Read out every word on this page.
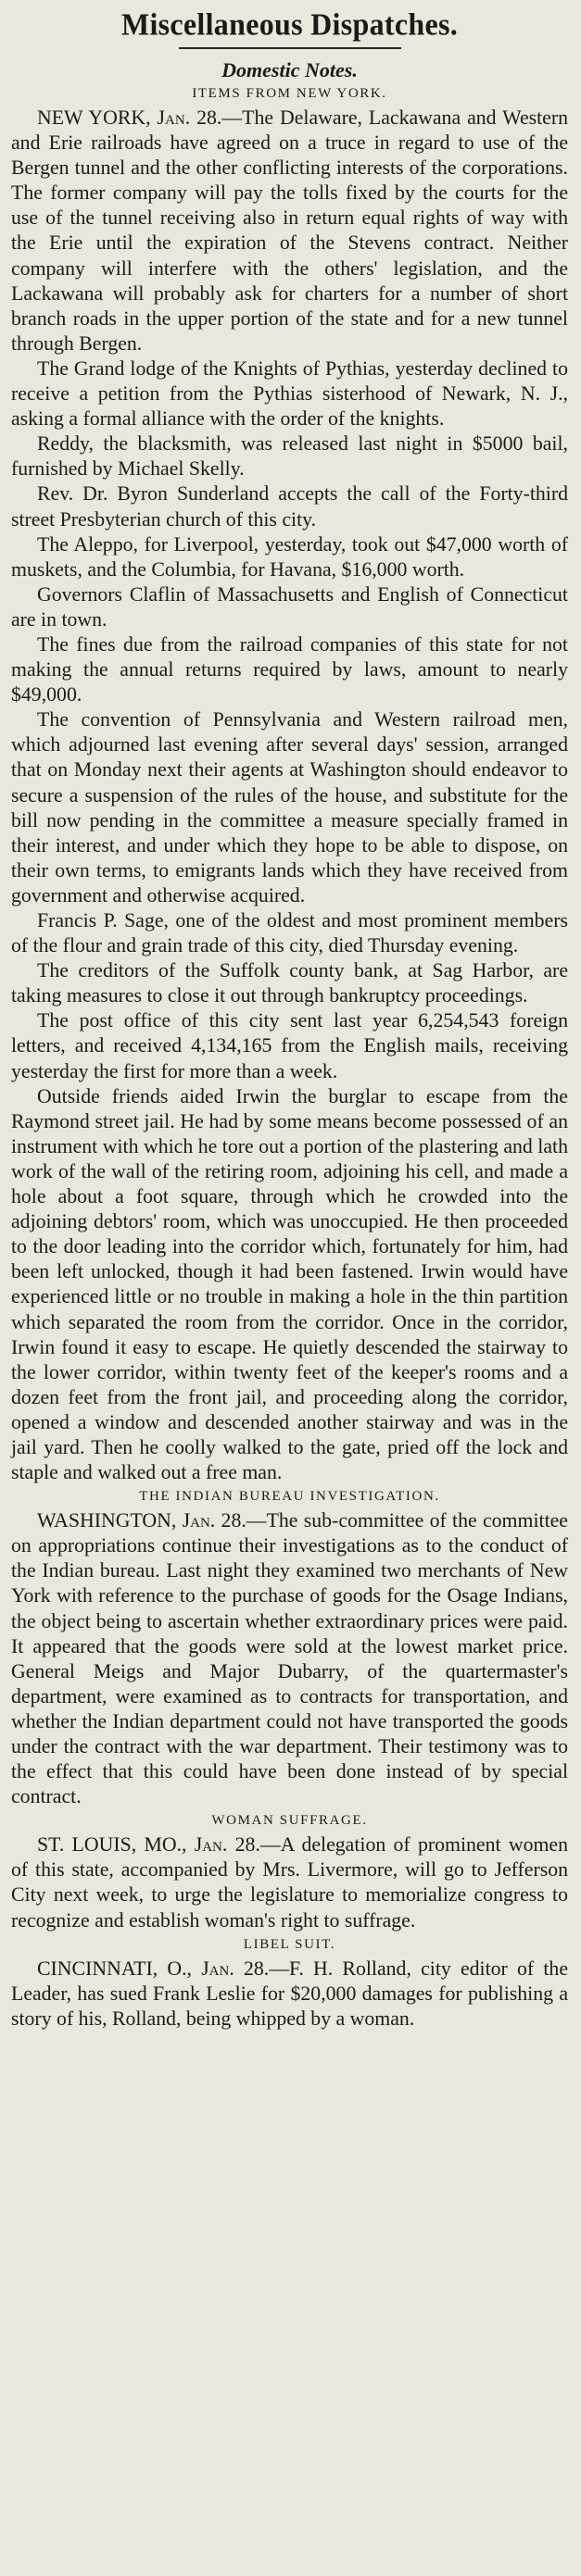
Miscellaneous Dispatches.
Domestic Notes.
ITEMS FROM NEW YORK.

NEW YORK, Jan. 28.—The Delaware, Lackawana and Western and Erie railroads have agreed on a truce in regard to use of the Bergen tunnel and the other conflicting interests of the corporations. The former company will pay the tolls fixed by the courts for the use of the tunnel receiving also in return equal rights of way with the Erie until the expiration of the Stevens contract. Neither company will interfere with the others' legislation, and the Lackawana will probably ask for charters for a number of short branch roads in the upper portion of the state and for a new tunnel through Bergen.

The Grand lodge of the Knights of Pythias, yesterday declined to receive a petition from the Pythias sisterhood of Newark, N. J., asking a formal alliance with the order of the knights.

Reddy, the blacksmith, was released last night in $5000 bail, furnished by Michael Skelly.

Rev. Dr. Byron Sunderland accepts the call of the Forty-third street Presbyterian church of this city.

The Aleppo, for Liverpool, yesterday, took out $47,000 worth of muskets, and the Columbia, for Havana, $16,000 worth.

Governors Claflin of Massachusetts and English of Connecticut are in town.

The fines due from the railroad companies of this state for not making the annual returns required by laws, amount to nearly $49,000.

The convention of Pennsylvania and Western railroad men, which adjourned last evening after several days' session, arranged that on Monday next their agents at Washington should endeavor to secure a suspension of the rules of the house, and substitute for the bill now pending in the committee a measure specially framed in their interest, and under which they hope to be able to dispose, on their own terms, to emigrants lands which they have received from government and otherwise acquired.

Francis P. Sage, one of the oldest and most prominent members of the flour and grain trade of this city, died Thursday evening.

The creditors of the Suffolk county bank, at Sag Harbor, are taking measures to close it out through bankruptcy proceedings.

The post office of this city sent last year 6,254,543 foreign letters, and received 4,134,165 from the English mails, receiving yesterday the first for more than a week.

Outside friends aided Irwin the burglar to escape from the Raymond street jail. He had by some means become possessed of an instrument with which he tore out a portion of the plastering and lath work of the wall of the retiring room, adjoining his cell, and made a hole about a foot square, through which he crowded into the adjoining debtors' room, which was unoccupied. He then proceeded to the door leading into the corridor which, fortunately for him, had been left unlocked, though it had been fastened. Irwin would have experienced little or no trouble in making a hole in the thin partition which separated the room from the corridor. Once in the corridor, Irwin found it easy to escape. He quietly descended the stairway to the lower corridor, within twenty feet of the keeper's rooms and a dozen feet from the front jail, and proceeding along the corridor, opened a window and descended another stairway and was in the jail yard. Then he coolly walked to the gate, pried off the lock and staple and walked out a free man.

THE INDIAN BUREAU INVESTIGATION.

WASHINGTON, Jan. 28.—The sub-committee of the committee on appropriations continue their investigations as to the conduct of the Indian bureau. Last night they examined two merchants of New York with reference to the purchase of goods for the Osage Indians, the object being to ascertain whether extraordinary prices were paid. It appeared that the goods were sold at the lowest market price. General Meigs and Major Dubarry, of the quartermaster's department, were examined as to contracts for transportation, and whether the Indian department could not have transported the goods under the contract with the war department. Their testimony was to the effect that this could have been done instead of by special contract.

WOMAN SUFFRAGE.

ST. LOUIS, MO., Jan. 28.—A delegation of prominent women of this state, accompanied by Mrs. Livermore, will go to Jefferson City next week, to urge the legislature to memorialize congress to recognize and establish woman's right to suffrage.

LIBEL SUIT.

CINCINNATI, O., Jan. 28.—F. H. Rolland, city editor of the Leader, has sued Frank Leslie for $20,000 damages for publishing a story of his, Rolland, being whipped by a woman.
